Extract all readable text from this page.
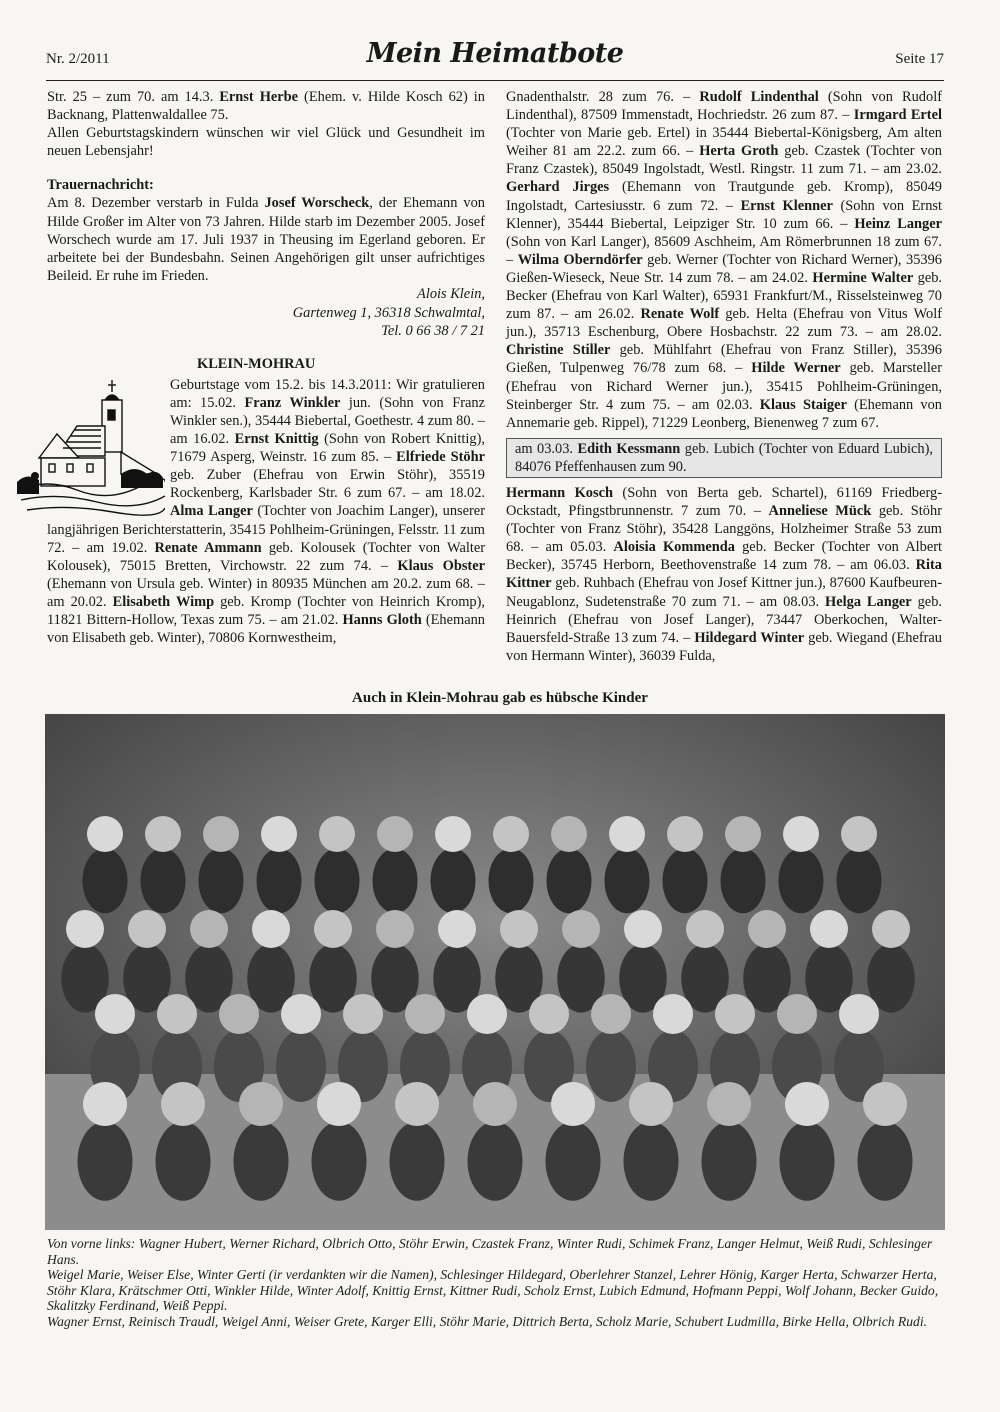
Nr. 2/2011	Mein Heimatbote	Seite 17

Str. 25 – zum 70. am 14.3. Ernst Herbe (Ehem. v. Hilde Kosch 62) in Backnang, Plattenwaldallee 75.

Allen Geburtstagskindern wünschen wir viel Glück und Gesundheit im neuen Lebensjahr!

Trauernachricht:

Am 8. Dezember verstarb in Fulda Josef Worscheck, der Ehemann von Hilde Großer im Alter von 73 Jahren. Hilde starb im Dezember 2005. Josef Worschech wurde am 17. Juli 1937 in Theusing im Egerland geboren. Er arbeitete bei der Bundesbahn. Seinen Angehörigen gilt unser aufrichtiges Beileid. Er ruhe im Frieden.

Alois Klein,

Gartenweg 1, 36318 Schwalmtal,

Tel. 0 66 38 / 7 21

KLEIN-MOHRAU

Geburtstage vom 15.2. bis 14.3.2011: Wir gratulieren am: 15.02. Franz Winkler jun. (Sohn von Franz Winkler sen.), 35444 Biebertal, Goethestr. 4 zum 80. – am 16.02. Ernst Knittig (Sohn von Robert Knittig), 71679 Asperg, Weinstr. 16 zum 85. – Elfriede Stöhr geb. Zuber (Ehefrau von Erwin Stöhr), 35519 Rockenberg, Karlsbader Str. 6 zum 67. – am 18.02. Alma Langer (Tochter von Joachim Langer), unserer langjährigen Berichterstatterin, 35415 Pohlheim-Grüningen, Felsstr. 11 zum 72. – am 19.02. Renate Ammann geb. Kolousek (Tochter von Walter Kolousek), 75015 Bretten, Virchowstr. 22 zum 74. – Klaus Obster (Ehemann von Ursula geb. Winter) in 80935 München am 20.2. zum 68. – am 20.02. Elisabeth Wimp geb. Kromp (Tochter von Heinrich Kromp), 11821 Bittern-Hollow, Texas zum 75. – am 21.02. Hanns Gloth (Ehemann von Elisabeth geb. Winter), 70806 Kornwestheim,

Gnadenthalstr. 28 zum 76. – Rudolf Lindenthal (Sohn von Rudolf Lindenthal), 87509 Immenstadt, Hochriedstr. 26 zum 87. – Irmgard Ertel (Tochter von Marie geb. Ertel) in 35444 Biebertal-Königsberg, Am alten Weiher 81 am 22.2. zum 66. – Herta Groth geb. Czastek (Tochter von Franz Czastek), 85049 Ingolstadt, Westl. Ringstr. 11 zum 71. – am 23.02. Gerhard Jirges (Ehemann von Trautgunde geb. Kromp), 85049 Ingolstadt, Cartesiusstr. 6 zum 72. – Ernst Klenner (Sohn von Ernst Klenner), 35444 Biebertal, Leipziger Str. 10 zum 66. – Heinz Langer (Sohn von Karl Langer), 85609 Aschheim, Am Römerbrunnen 18 zum 67. – Wilma Oberndörfer geb. Werner (Tochter von Richard Werner), 35396 Gießen-Wieseck, Neue Str. 14 zum 78. – am 24.02. Hermine Walter geb. Becker (Ehefrau von Karl Walter), 65931 Frankfurt/M., Risselsteinweg 70 zum 87. – am 26.02. Renate Wolf geb. Helta (Ehefrau von Vitus Wolf jun.), 35713 Eschenburg, Obere Hosbachstr. 22 zum 73. – am 28.02. Christine Stiller geb. Mühlfahrt (Ehefrau von Franz Stiller), 35396 Gießen, Tulpenweg 76/78 zum 68. – Hilde Werner geb. Marsteller (Ehefrau von Richard Werner jun.), 35415 Pohlheim-Grüningen, Steinberger Str. 4 zum 75. – am 02.03. Klaus Staiger (Ehemann von Annemarie geb. Rippel), 71229 Leonberg, Bienenweg 7 zum 67.

am 03.03. Edith Kessmann geb. Lubich (Tochter von Eduard Lubich), 84076 Pfeffenhausen zum 90.

Hermann Kosch (Sohn von Berta geb. Schartel), 61169 Friedberg-Ockstadt, Pfingstbrunnenstr. 7 zum 70. – Anneliese Mück geb. Stöhr (Tochter von Franz Stöhr), 35428 Langgöns, Holzheimer Straße 53 zum 68. – am 05.03. Aloisia Kommenda geb. Becker (Tochter von Albert Becker), 35745 Herborn, Beethovenstraße 14 zum 78. – am 06.03. Rita Kittner geb. Ruhbach (Ehefrau von Josef Kittner jun.), 87600 Kaufbeuren-Neugablonz, Sudetenstraße 70 zum 71. – am 08.03. Helga Langer geb. Heinrich (Ehefrau von Josef Langer), 73447 Oberkochen, Walter-Bauersfeld-Straße 13 zum 74. – Hildegard Winter geb. Wiegand (Ehefrau von Hermann Winter), 36039 Fulda,

Auch in Klein-Mohrau gab es hübsche Kinder

Von vorne links: Wagner Hubert, Werner Richard, Olbrich Otto, Stöhr Erwin, Czastek Franz, Winter Rudi, Schimek Franz, Langer Helmut, Weiß Rudi, Schlesinger Hans.

Weigel Marie, Weiser Else, Winter Gerti (ir verdankten wir die Namen), Schlesinger Hildegard, Oberlehrer Stanzel, Lehrer Hönig, Karger Herta, Schwarzer Herta, Stöhr Klara, Krätschmer Otti, Winkler Hilde, Winter Adolf, Knittig Ernst, Kittner Rudi, Scholz Ernst, Lubich Edmund, Hofmann Peppi, Wolf Johann, Becker Guido, Skalitzky Ferdinand, Weiß Peppi.

Wagner Ernst, Reinisch Traudl, Weigel Anni, Weiser Grete, Karger Elli, Stöhr Marie, Dittrich Berta, Scholz Marie, Schubert Ludmilla, Birke Hella, Olbrich Rudi.
